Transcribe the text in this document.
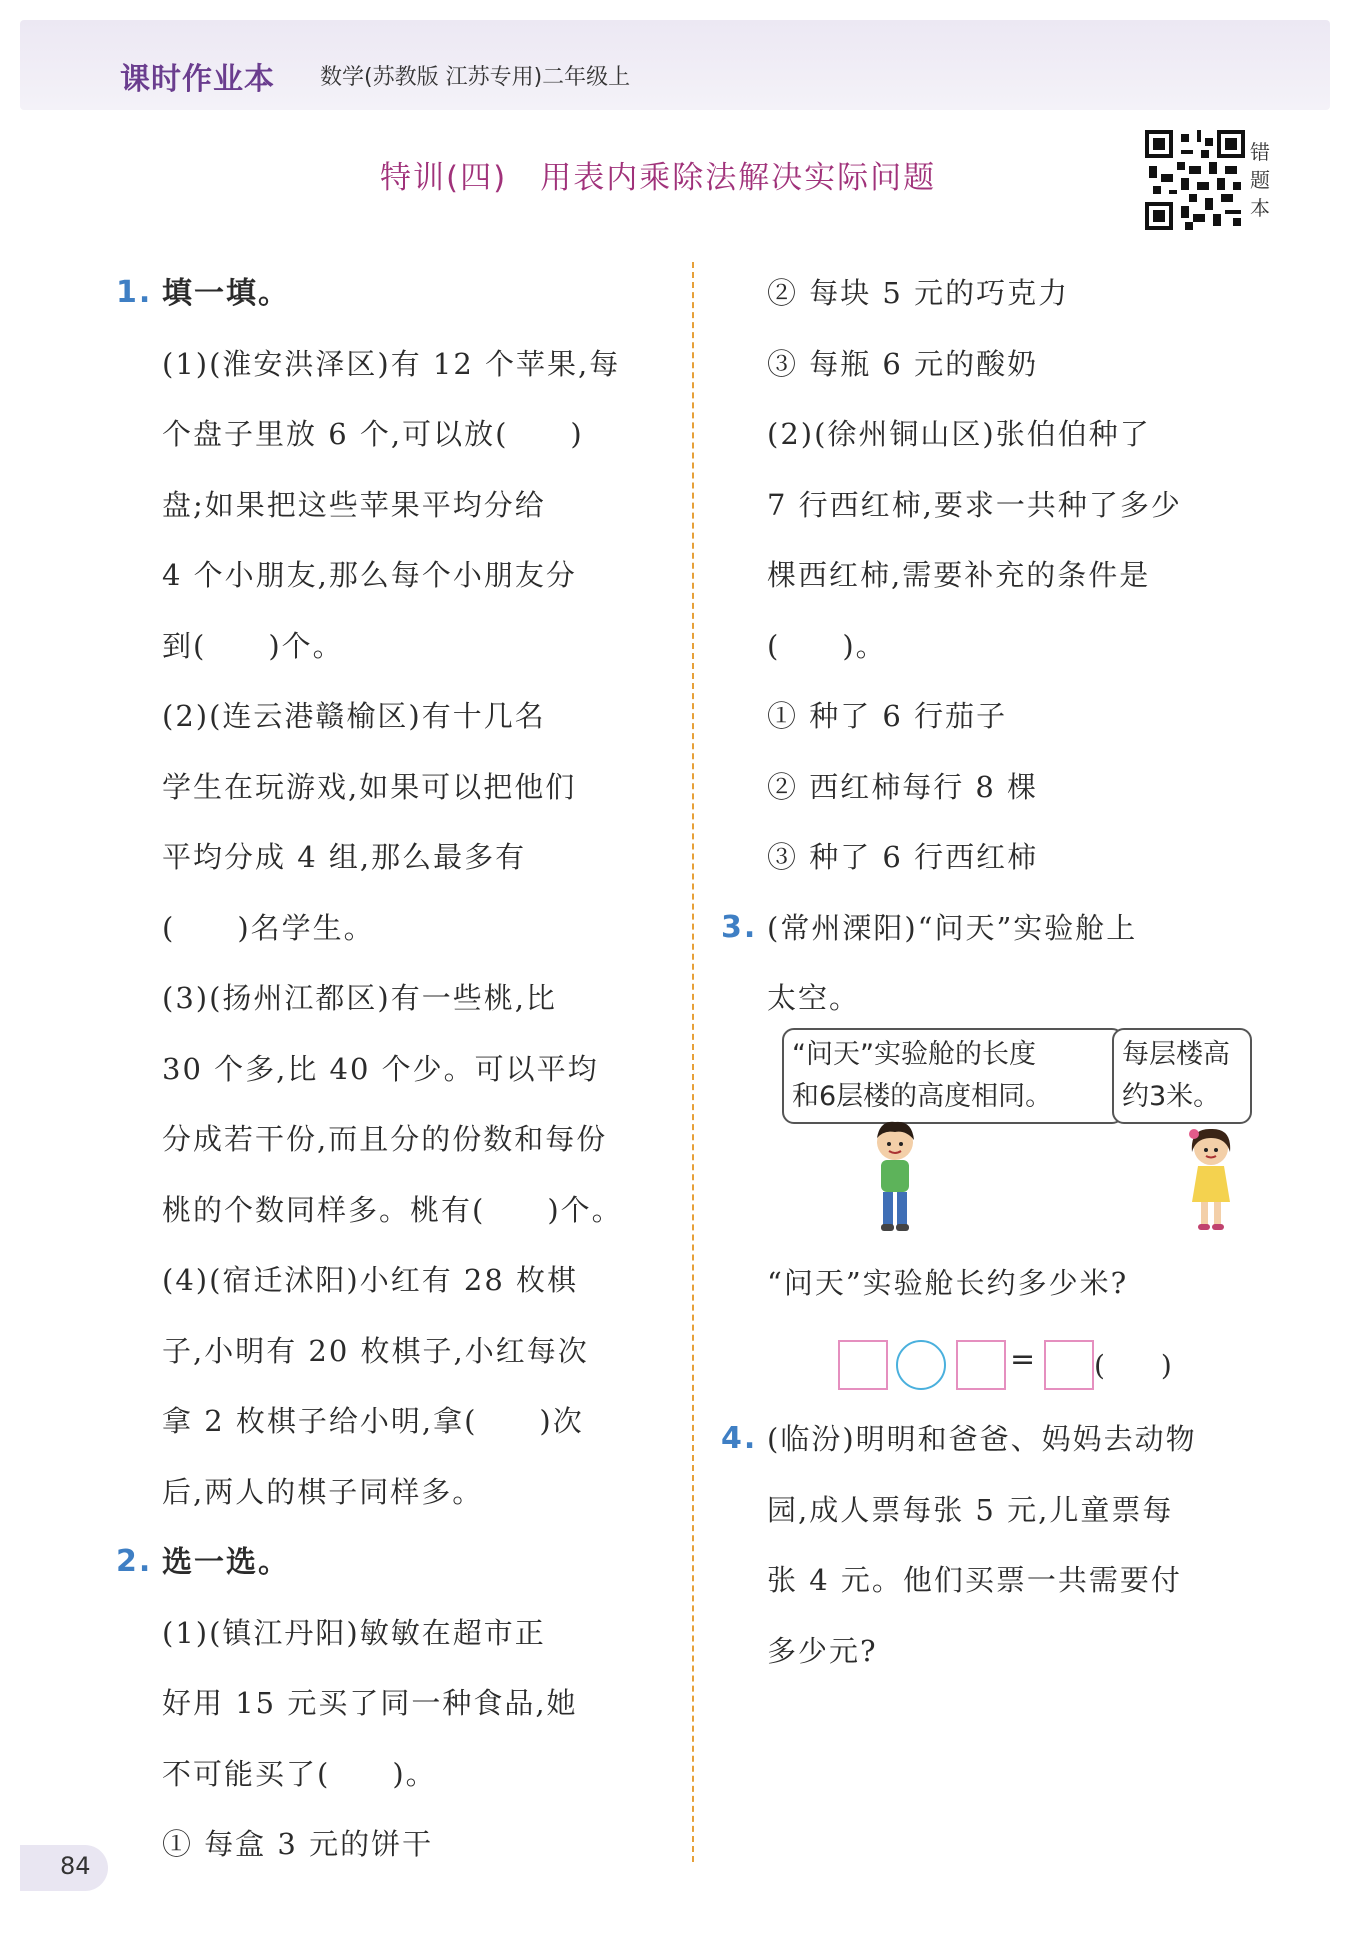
课时作业本 数学(苏教版 江苏专用)二年级上
特训(四)　用表内乘除法解决实际问题
错题本
1. 填一填。
(1)(淮安洪泽区)有 12 个苹果,每
个盘子里放 6 个,可以放(　　)
盘;如果把这些苹果平均分给
4 个小朋友,那么每个小朋友分
到(　　)个。
(2)(连云港赣榆区)有十几名
学生在玩游戏,如果可以把他们
平均分成 4 组,那么最多有
(　　)名学生。
(3)(扬州江都区)有一些桃,比
30 个多,比 40 个少。可以平均
分成若干份,而且分的份数和每份
桃的个数同样多。桃有(　　)个。
(4)(宿迁沭阳)小红有 28 枚棋
子,小明有 20 枚棋子,小红每次
拿 2 枚棋子给小明,拿(　　)次
后,两人的棋子同样多。
2. 选一选。
(1)(镇江丹阳)敏敏在超市正
好用 15 元买了同一种食品,她
不可能买了(　　)。
① 每盒 3 元的饼干
② 每块 5 元的巧克力
③ 每瓶 6 元的酸奶
(2)(徐州铜山区)张伯伯种了
7 行西红柿,要求一共种了多少
棵西红柿,需要补充的条件是
(　　)。
① 种了 6 行茄子
② 西红柿每行 8 棵
③ 种了 6 行西红柿
3. (常州溧阳)“问天”实验舱上
太空。
“问天”实验舱的长度
和6层楼的高度相同。
每层楼高
约3米。
“问天”实验舱长约多少米?
= (　　)
4. (临汾)明明和爸爸、妈妈去动物
园,成人票每张 5 元,儿童票每
张 4 元。他们买票一共需要付
多少元?
84
